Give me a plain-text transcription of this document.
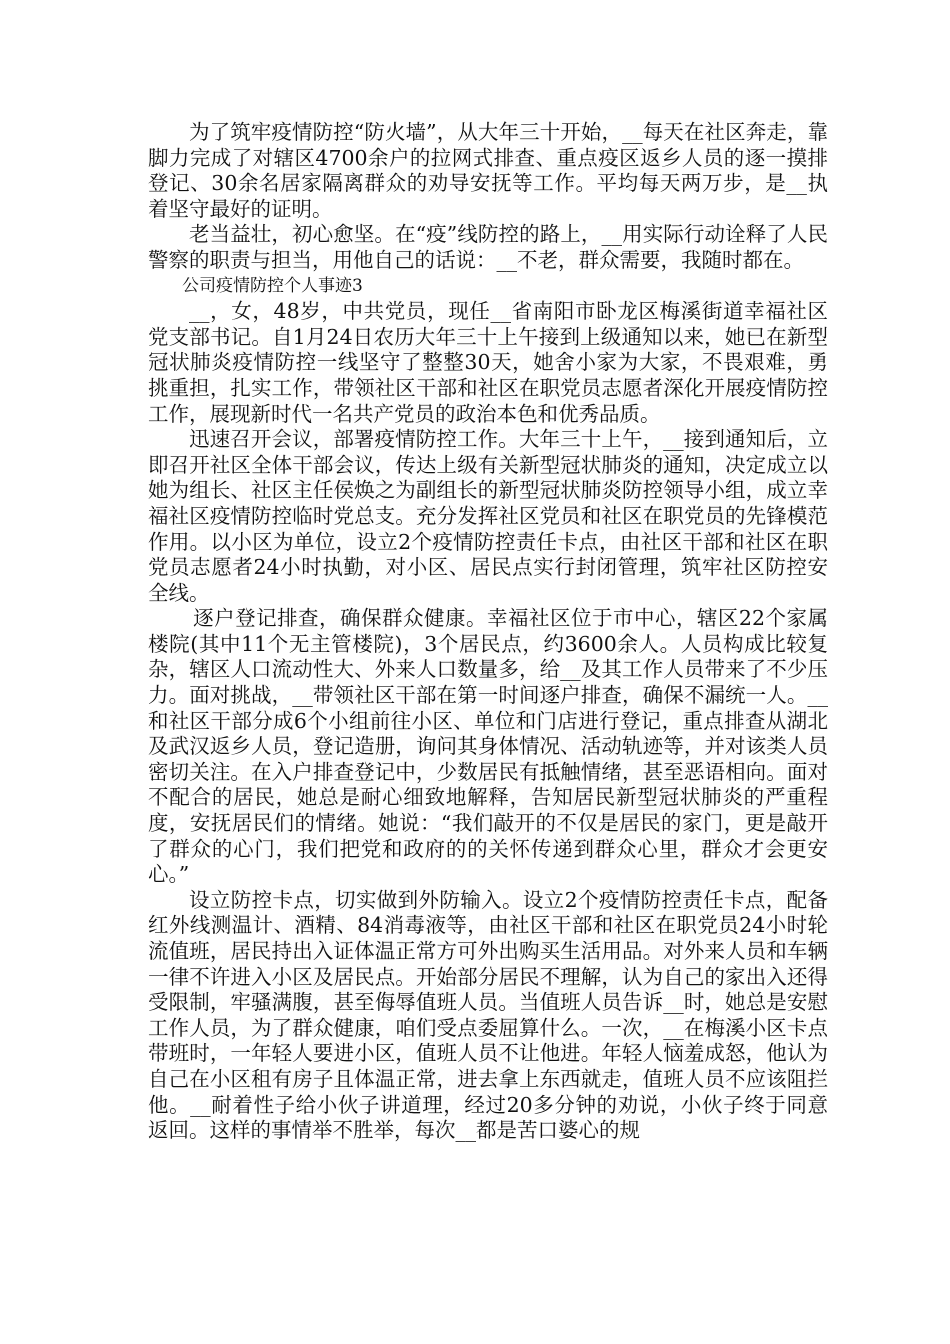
为了筑牢疫情防控“防火墙”，从大年三十开始，__每天在社区奔走，靠脚力完成了对辖区4700余户的拉网式排查、重点疫区返乡人员的逐一摸排登记、30余名居家隔离群众的劝导安抚等工作。平均每天两万步，是__执着坚守最好的证明。

老当益壮，初心愈坚。在“疫”线防控的路上，__用实际行动诠释了人民警察的职责与担当，用他自己的话说：__不老，群众需要，我随时都在。

公司疫情防控个人事迹3

__，女，48岁，中共党员，现任__省南阳市卧龙区梅溪街道幸福社区党支部书记。自1月24日农历大年三十上午接到上级通知以来，她已在新型冠状肺炎疫情防控一线坚守了整整30天，她舍小家为大家，不畏艰难，勇挑重担，扎实工作，带领社区干部和社区在职党员志愿者深化开展疫情防控工作，展现新时代一名共产党员的政治本色和优秀品质。

迅速召开会议，部署疫情防控工作。大年三十上午，__接到通知后，立即召开社区全体干部会议，传达上级有关新型冠状肺炎的通知，决定成立以她为组长、社区主任侯焕之为副组长的新型冠状肺炎防控领导小组，成立幸福社区疫情防控临时党总支。充分发挥社区党员和社区在职党员的先锋模范作用。以小区为单位，设立2个疫情防控责任卡点，由社区干部和社区在职党员志愿者24小时执勤，对小区、居民点实行封闭管理，筑牢社区防控安全线。

逐户登记排查，确保群众健康。幸福社区位于市中心，辖区22个家属楼院(其中11个无主管楼院)，3个居民点，约3600余人。人员构成比较复杂，辖区人口流动性大、外来人口数量多，给__及其工作人员带来了不少压力。面对挑战，__带领社区干部在第一时间逐户排查，确保不漏统一人。__和社区干部分成6个小组前往小区、单位和门店进行登记，重点排查从湖北及武汉返乡人员，登记造册，询问其身体情况、活动轨迹等，并对该类人员密切关注。在入户排查登记中，少数居民有抵触情绪，甚至恶语相向。面对不配合的居民，她总是耐心细致地解释，告知居民新型冠状肺炎的严重程度，安抚居民们的情绪。她说：“我们敲开的不仅是居民的家门，更是敲开了群众的心门，我们把党和政府的的关怀传递到群众心里，群众才会更安心。”

设立防控卡点，切实做到外防输入。设立2个疫情防控责任卡点，配备红外线测温计、酒精、84消毒液等，由社区干部和社区在职党员24小时轮流值班，居民持出入证体温正常方可外出购买生活用品。对外来人员和车辆一律不许进入小区及居民点。开始部分居民不理解，认为自己的家出入还得受限制，牢骚满腹，甚至侮辱值班人员。当值班人员告诉__时，她总是安慰工作人员，为了群众健康，咱们受点委屈算什么。一次，__在梅溪小区卡点带班时，一年轻人要进小区，值班人员不让他进。年轻人恼羞成怒，他认为自己在小区租有房子且体温正常，进去拿上东西就走，值班人员不应该阻拦他。__耐着性子给小伙子讲道理，经过20多分钟的劝说，小伙子终于同意返回。这样的事情举不胜举，每次__都是苦口婆心的规
